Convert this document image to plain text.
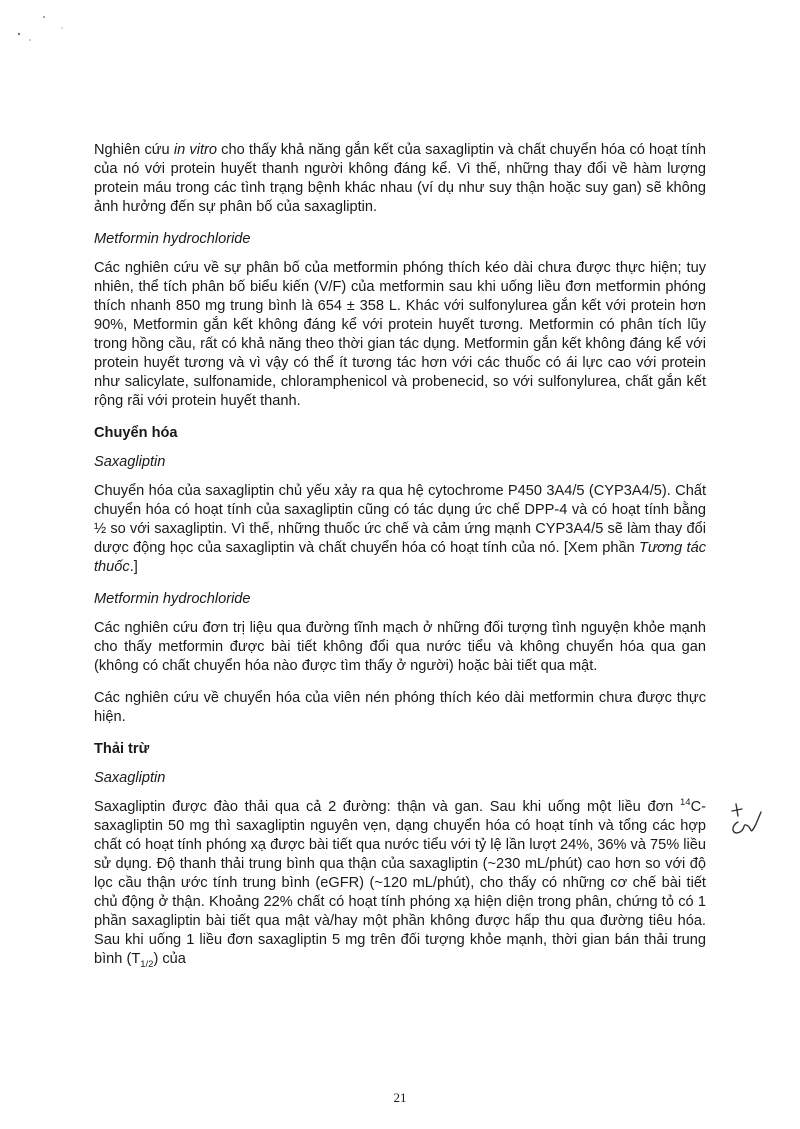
Nghiên cứu in vitro cho thấy khả năng gắn kết của saxagliptin và chất chuyển hóa có hoạt tính của nó với protein huyết thanh người không đáng kể. Vì thế, những thay đổi về hàm lượng protein máu trong các tình trạng bệnh khác nhau (ví dụ như suy thận hoặc suy gan) sẽ không ảnh hưởng đến sự phân bố của saxagliptin.

Metformin hydrochloride

Các nghiên cứu về sự phân bố của metformin phóng thích kéo dài chưa được thực hiện; tuy nhiên, thể tích phân bố biểu kiến (V/F) của metformin sau khi uống liều đơn metformin phóng thích nhanh 850 mg trung bình là 654 ± 358 L. Khác với sulfonylurea gắn kết với protein hơn 90%, Metformin gắn kết không đáng kể với protein huyết tương. Metformin có phân tích lũy trong hồng cầu, rất có khả năng theo thời gian tác dụng. Metformin gắn kết không đáng kể với protein huyết tương và vì vậy có thể ít tương tác hơn với các thuốc có ái lực cao với protein như salicylate, sulfonamide, chloramphenicol và probenecid, so với sulfonylurea, chất gắn kết rộng rãi với protein huyết thanh.

Chuyển hóa

Saxagliptin

Chuyển hóa của saxagliptin chủ yếu xảy ra qua hệ cytochrome P450 3A4/5 (CYP3A4/5). Chất chuyển hóa có hoạt tính của saxagliptin cũng có tác dụng ức chế DPP-4 và có hoạt tính bằng ½ so với saxagliptin. Vì thế, những thuốc ức chế và cảm ứng mạnh CYP3A4/5 sẽ làm thay đổi dược động học của saxagliptin và chất chuyển hóa có hoạt tính của nó. [Xem phần Tương tác thuốc.]

Metformin hydrochloride

Các nghiên cứu đơn trị liệu qua đường tĩnh mạch ở những đối tượng tình nguyện khỏe mạnh cho thấy metformin được bài tiết không đổi qua nước tiểu và không chuyển hóa qua gan (không có chất chuyển hóa nào được tìm thấy ở người) hoặc bài tiết qua mật.

Các nghiên cứu về chuyển hóa của viên nén phóng thích kéo dài metformin chưa được thực hiện.

Thải trừ

Saxagliptin

Saxagliptin được đào thải qua cả 2 đường: thận và gan. Sau khi uống một liều đơn $^{14}$C-saxagliptin 50 mg thì saxagliptin nguyên vẹn, dạng chuyển hóa có hoạt tính và tổng các hợp chất có hoạt tính phóng xạ được bài tiết qua nước tiểu với tỷ lệ lần lượt 24%, 36% và 75% liều sử dụng. Độ thanh thải trung bình qua thận của saxagliptin (~230 mL/phút) cao hơn so với độ lọc cầu thận ước tính trung bình (eGFR) (~120 mL/phút), cho thấy có những cơ chế bài tiết chủ động ở thận. Khoảng 22% chất có hoạt tính phóng xạ hiện diện trong phân, chứng tỏ có 1 phần saxagliptin bài tiết qua mật và/hay một phần không được hấp thu qua đường tiêu hóa. Sau khi uống 1 liều đơn saxagliptin 5 mg trên đối tượng khỏe mạnh, thời gian bán thải trung bình $(T_{1/2})$ của

21
